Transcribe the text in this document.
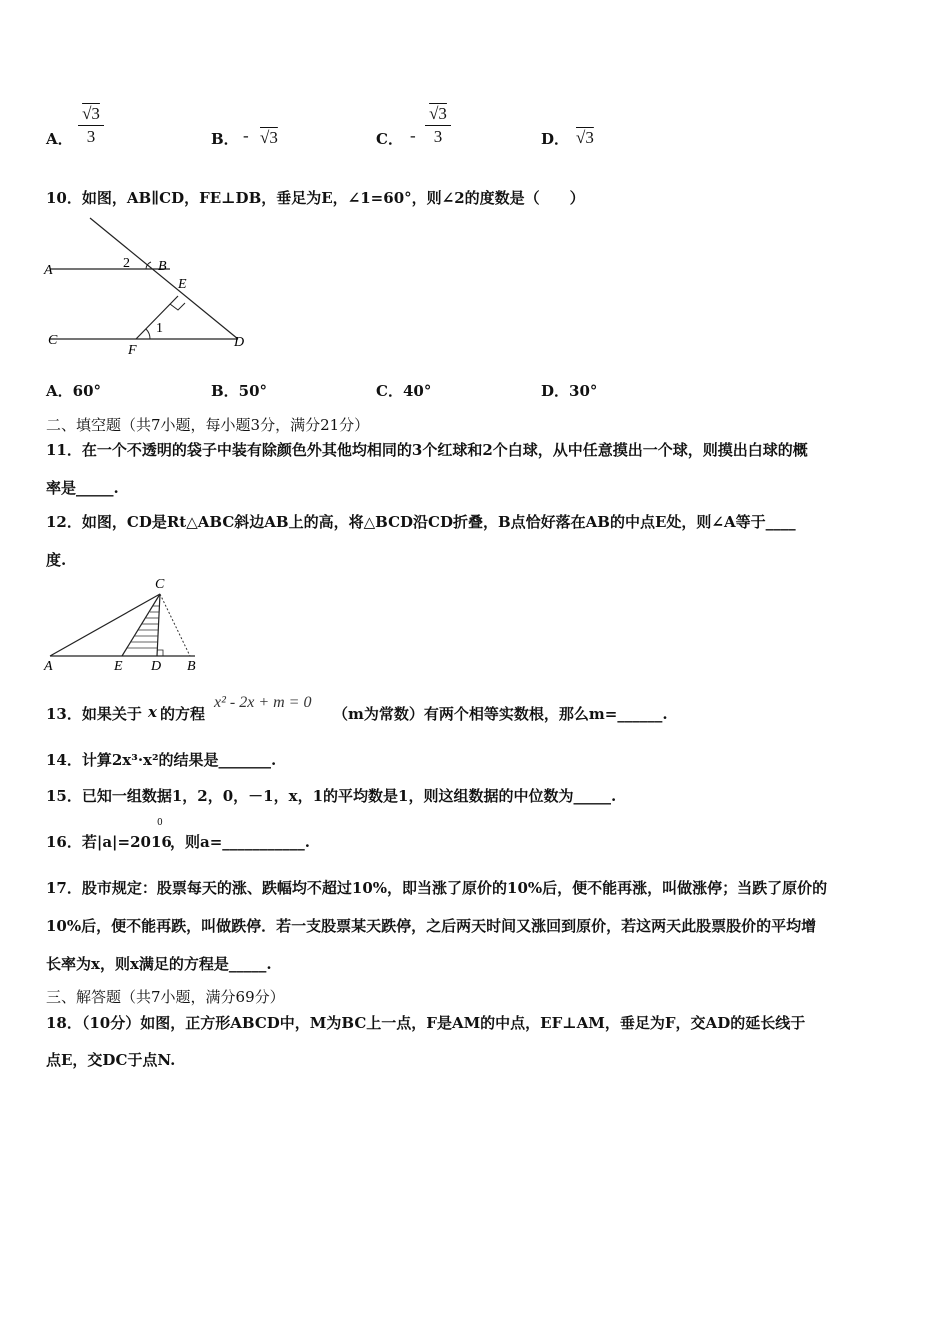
A．
√3
3	B． - √3	C． -
√3
3	D． √3
10．如图，AB∥CD，FE⊥DB，垂足为E，∠1=60°，则∠2的度数是（　　）
A	B
C	D
E
F
1
2
A．60°	B．50°	C．40°	D．30°
二、填空题（共7小题，每小题3分，满分21分）
11．在一个不透明的袋子中装有除颜色外其他均相同的3个红球和2个白球，从中任意摸出一个球，则摸出白球的概
率是_____.
12．如图，CD是Rt△ABC斜边AB上的高，将△BCD沿CD折叠，B点恰好落在AB的中点E处，则∠A等于____
度.
A	B
C
D
E
13．如果关于 x 的方程
x² - 2x + m = 0
（m为常数）有两个相等实数根，那么m=______.
14．计算2x³·x²的结果是_______.
15．已知一组数据1，2，0，－1，x，1的平均数是1，则这组数据的中位数为_____.
16．若|a|=2016
0
，则a=___________.
17．股市规定：股票每天的涨、跌幅均不超过10%，即当涨了原价的10%后，便不能再涨，叫做涨停；当跌了原价的
10%后，便不能再跌，叫做跌停．若一支股票某天跌停，之后两天时间又涨回到原价，若这两天此股票股价的平均增
长率为x，则x满足的方程是_____.
三、解答题（共7小题，满分69分）
18．（10分）如图，正方形ABCD中，M为BC上一点，F是AM的中点，EF⊥AM，垂足为F，交AD的延长线于
点E，交DC于点N.
